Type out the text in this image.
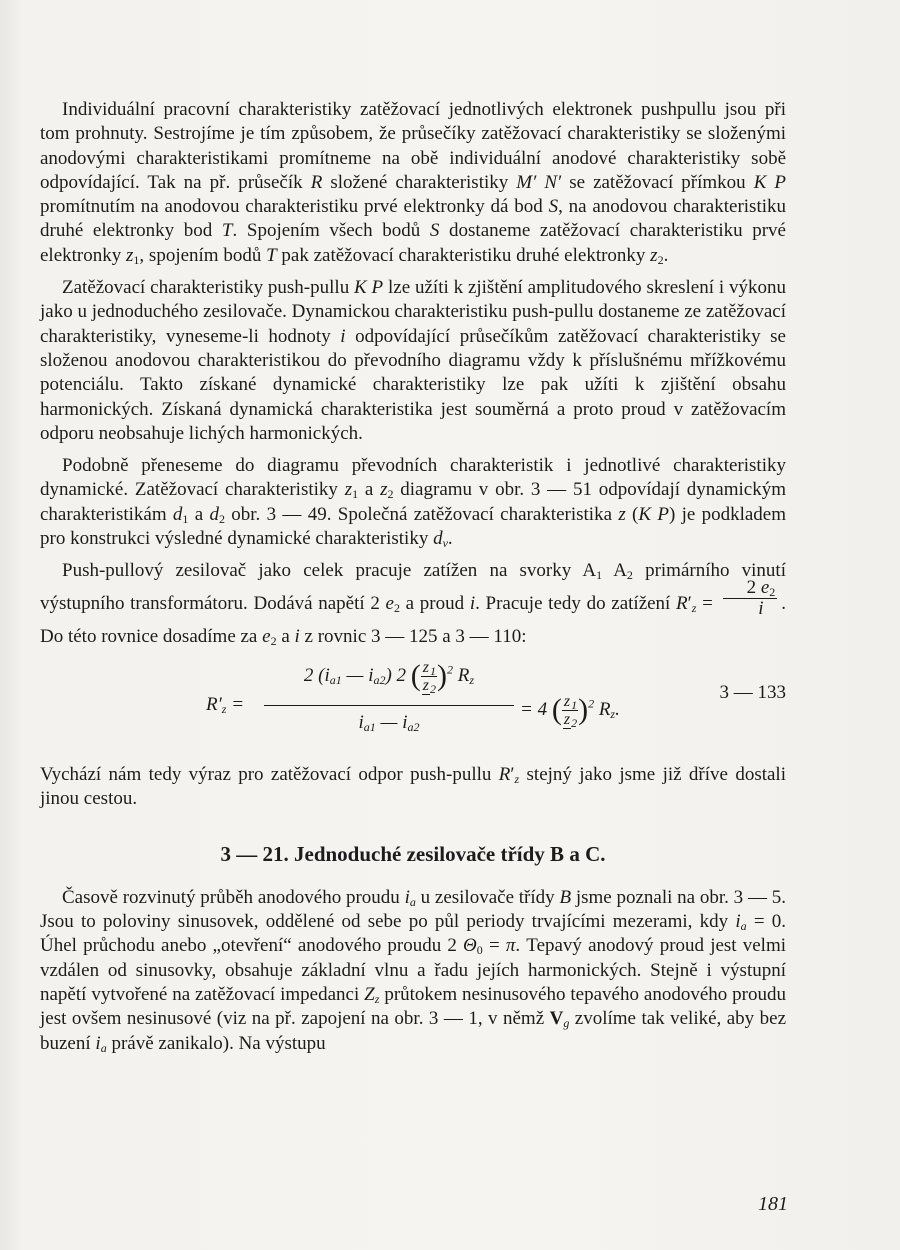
Individuální pracovní charakteristiky zatěžovací jednotlivých elektronek pushpullu jsou při tom prohnuty. Sestrojíme je tím způsobem, že průsečíky zatěžovací charakteristiky se složenými anodovými charakteristikami promítneme na obě individuální anodové charakteristiky sobě odpovídající. Tak na př. průsečík R složené charakteristiky M′ N′ se zatěžovací přímkou K P promítnutím na anodovou charakteristiku prvé elektronky dá bod S, na anodovou charakteristiku druhé elektronky bod T. Spojením všech bodů S dostaneme zatěžovací charakteristiku prvé elektronky $z_1$, spojením bodů T pak zatěžovací charakteristiku druhé elektronky $z_2$.

Zatěžovací charakteristiky push-pullu K P lze užíti k zjištění amplitudového skreslení i výkonu jako u jednoduchého zesilovače. Dynamickou charakteristiku push-pullu dostaneme ze zatěžovací charakteristiky, vyneseme-li hodnoty i odpovídající průsečíkům zatěžovací charakteristiky se složenou anodovou charakteristikou do převodního diagramu vždy k příslušnému mřížkovému potenciálu. Takto získané dynamické charakteristiky lze pak užíti k zjištění obsahu harmonických. Získaná dynamická charakteristika jest souměrná a proto proud v zatěžovacím odporu neobsahuje lichých harmonických.

Podobně přeneseme do diagramu převodních charakteristik i jednotlivé charakteristiky dynamické. Zatěžovací charakteristiky $z_1$ a $z_2$ diagramu v obr. 3 — 51 odpovídají dynamickým charakteristikám $d_1$ a $d_2$ obr. 3 — 49. Společná zatěžovací charakteristika z (K P) je podkladem pro konstrukci výsledné dynamické charakteristiky $d_v$.

Push-pullový zesilovač jako celek pracuje zatížen na svorky $A_1$ $A_2$ primárního vinutí výstupního transformátoru. Dodává napětí 2 $e_2$ a proud i. Pracuje tedy do zatížení $R'_z = \frac{2 e_2}{i}$ . Do této rovnice dosadíme za $e_2$ a i z rovnic 3 — 125 a 3 — 110:

$R'_z$ =
2 ($i_{a1}$ — $i_{a2}$) 2 ( $\frac{z_1}{z_2} )^2$ $R_z$
$i_{a1}$ — $i_{a2}$
= 4 ( $\frac{z_1}{z_2} )^2$ $R_z$.
3 — 133

Vychází nám tedy výraz pro zatěžovací odpor push-pullu $R'_z$ stejný jako jsme již dříve dostali jinou cestou.

3 — 21. Jednoduché zesilovače třídy B a C.

Časově rozvinutý průběh anodového proudu $i_a$ u zesilovače třídy B jsme poznali na obr. 3 — 5. Jsou to poloviny sinusovek, oddělené od sebe po půl periody trvajícími mezerami, kdy $i_a = 0$. Úhel průchodu anebo „otevření“ anodového proudu 2 $\Theta_0 = \pi$. Tepavý anodový proud jest velmi vzdálen od sinusovky, obsahuje základní vlnu a řadu jejích harmonických. Stejně i výstupní napětí vytvořené na zatěžovací impedanci $Z_z$ průtokem nesinusového tepavého anodového proudu jest ovšem nesinusové (viz na př. zapojení na obr. 3 — 1, v němž $V_g$ zvolíme tak veliké, aby bez buzení $i_a$ právě zanikalo). Na výstupu

181
